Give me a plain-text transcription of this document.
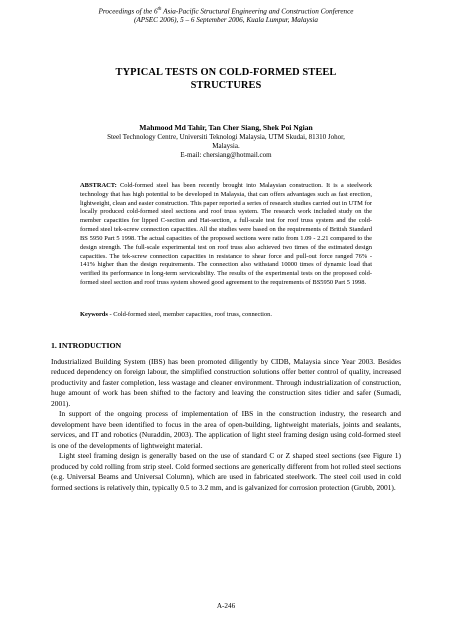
Proceedings of the 6th Asia-Pacific Structural Engineering and Construction Conference
(APSEC 2006), 5 – 6 September 2006, Kuala Lumpur, Malaysia
TYPICAL TESTS ON COLD-FORMED STEEL
STRUCTURES
Mahmood Md Tahir, Tan Cher Siang, Shek Poi Ngian
Steel Technology Centre, Universiti Teknologi Malaysia, UTM Skudai, 81310 Johor,
Malaysia.
E-mail: chersiang@hotmail.com
ABSTRACT: Cold-formed steel has been recently brought into Malaysian construction. It is a steelwork technology that has high potential to be developed in Malaysia, that can offers advantages such as fast erection, lightweight, clean and easier construction. This paper reported a series of research studies carried out in UTM for locally produced cold-formed steel sections and roof truss system. The research work included study on the member capacities for lipped C-section and Hat-section, a full-scale test for roof truss system and the cold-formed steel tek-screw connection capacities. All the studies were based on the requirements of British Standard BS 5950 Part 5 1998. The actual capacities of the proposed sections were ratio from 1.09 - 2.21 compared to the design strength. The full-scale experimental test on roof truss also achieved two times of the estimated design capacities. The tek-screw connection capacities in resistance to shear force and pull-out force ranged 76% - 141% higher than the design requirements. The connection also withstand 10000 times of dynamic load that verified its performance in long-term serviceability. The results of the experimental tests on the proposed cold-formed steel section and roof truss system showed good agreement to the requirements of BS5950 Part 5 1998.
Keywords - Cold-formed steel, member capacities, roof truss, connection.
1. INTRODUCTION

Industrialized Building System (IBS) has been promoted diligently by CIDB, Malaysia since Year 2003. Besides reduced dependency on foreign labour, the simplified construction solutions offer better control of quality, increased productivity and faster completion, less wastage and cleaner environment. Through industrialization of construction, huge amount of work has been shifted to the factory and leaving the construction sites tidier and safer (Sumadi, 2001).

In support of the ongoing process of implementation of IBS in the construction industry, the research and development have been identified to focus in the area of open-building, lightweight materials, joints and sealants, services, and IT and robotics (Nuraddin, 2003). The application of light steel framing design using cold-formed steel is one of the developments of lightweight material.

Light steel framing design is generally based on the use of standard C or Z shaped steel sections (see Figure 1) produced by cold rolling from strip steel. Cold formed sections are generically different from hot rolled steel sections (e.g. Universal Beams and Universal Column), which are used in fabricated steelwork. The steel coil used in cold formed sections is relatively thin, typically 0.5 to 3.2 mm, and is galvanized for corrosion protection (Grubb, 2001).

A-246
